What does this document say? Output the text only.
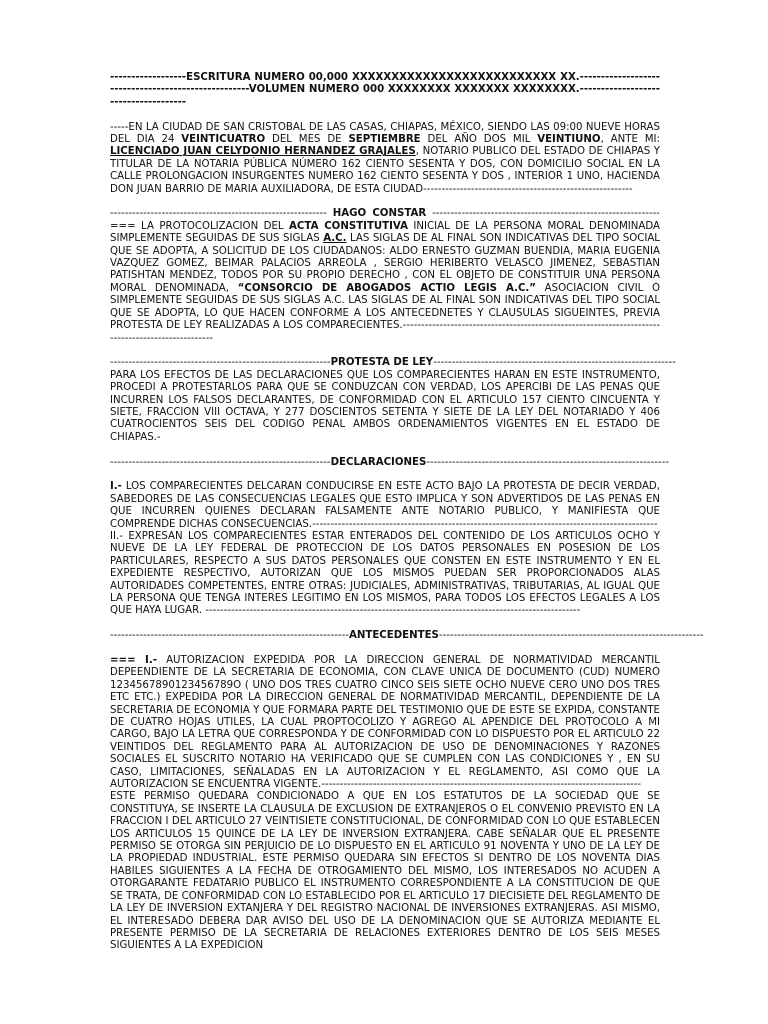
------------------ESCRITURA NUMERO 00,000 XXXXXXXXXXXXXXXXXXXXXXXXXX XX.----------------------------------------------------VOLUMEN NUMERO 000 XXXXXXXX XXXXXXX XXXXXXXX.-------------------------------------

-----EN LA CIUDAD DE SAN CRISTOBAL DE LAS CASAS, CHIAPAS, MÉXICO, SIENDO LAS 09:00 NUEVE HORAS DEL DIA 24 VEINTICUATRO DEL MES DE SEPTIEMBRE DEL AÑO DOS MIL VEINTIUNO, ANTE MI: LICENCIADO JUAN CELYDONIO HERNANDEZ GRAJALES, NOTARIO PUBLICO DEL ESTADO DE CHIAPAS Y TITULAR DE LA NOTARIA PÚBLICA NÚMERO 162 CIENTO SESENTA Y DOS, CON DOMICILIO SOCIAL EN LA CALLE PROLONGACION INSURGENTES NUMERO 162 CIENTO SESENTA Y DOS , INTERIOR 1 UNO, HACIENDA DON JUAN BARRIO DE MARIA AUXILIADORA, DE ESTA CIUDAD---------------------------------------------------------

----------------------------------------------------------- HAGO CONSTAR --------------------------------------------------------------=== LA PROTOCOLIZACION DEL ACTA CONSTITUTIVA INICIAL DE LA PERSONA MORAL DENOMINADA SIMPLEMENTE SEGUIDAS DE SUS SIGLAS A.C. LAS SIGLAS DE AL FINAL SON INDICATIVAS DEL TIPO SOCIAL QUE SE ADOPTA, A SOLICITUD DE LOS CIUDADANOS: ALDO ERNESTO GUZMAN BUENDIA, MARIA EUGENIA VAZQUEZ GOMEZ, BEIMAR PALACIOS ARREOLA , SERGIO HERIBERTO VELASCO JIMENEZ, SEBASTIAN PATISHTAN MENDEZ, TODOS POR SU PROPIO DERECHO , CON EL OBJETO DE CONSTITUIR UNA PERSONA MORAL DENOMINADA, “CONSORCIO DE ABOGADOS ACTIO LEGIS A.C.” ASOCIACION CIVIL O SIMPLEMENTE SEGUIDAS DE SUS SIGLAS A.C. LAS SIGLAS DE AL FINAL SON INDICATIVAS DEL TIPO SOCIAL QUE SE ADOPTA, LO QUE HACEN CONFORME A LOS ANTECEDNETES Y CLAUSULAS SIGUEINTES, PREVIA PROTESTA DE LEY REALIZADAS A LOS COMPARECIENTES.--------------------------------------------------------------------------------------------------

------------------------------------------------------------PROTESTA DE LEY------------------------------------------------------------------

PARA LOS EFECTOS DE LAS DECLARACIONES QUE LOS COMPARECIENTES HARAN EN ESTE INSTRUMENTO, PROCEDI A PROTESTARLOS PARA QUE SE CONDUZCAN CON VERDAD, LOS APERCIBI DE LAS PENAS QUE INCURREN LOS FALSOS DECLARANTES, DE CONFORMIDAD CON EL ARTICULO 157 CIENTO CINCUENTA Y SIETE, FRACCION VIII OCTAVA, Y 277 DOSCIENTOS SETENTA Y SIETE DE LA LEY DEL NOTARIADO Y 406 CUATROCIENTOS SEIS DEL CODIGO PENAL AMBOS ORDENAMIENTOS VIGENTES EN EL ESTADO DE CHIAPAS.-

------------------------------------------------------------DECLARACIONES------------------------------------------------------------------

I.- LOS COMPARECIENTES DELCARAN CONDUCIRSE EN ESTE ACTO BAJO LA PROTESTA DE DECIR VERDAD, SABEDORES DE LAS CONSECUENCIAS LEGALES QUE ESTO IMPLICA Y SON ADVERTIDOS DE LAS PENAS EN QUE INCURREN QUIENES DECLARAN FALSAMENTE ANTE NOTARIO PUBLICO, Y MANIFIESTA QUE COMPRENDE DICHAS CONSECUENCIAS.----------------------------------------------------------------------------------------------

II.- EXPRESAN LOS COMPARECIENTES ESTAR ENTERADOS DEL CONTENIDO DE LOS ARTICULOS OCHO Y NUEVE DE LA LEY FEDERAL DE PROTECCION DE LOS DATOS PERSONALES EN POSESION DE LOS PARTICULARES, RESPECTO A SUS DATOS PERSONALES QUE CONSTEN EN ESTE INSTRUMENTO Y EN EL EXPEDIENTE RESPECTIVO, AUTORIZAN QUE LOS MISMOS PUEDAN SER PROPORCIONADOS ALAS AUTORIDADES COMPETENTES, ENTRE OTRAS: JUDICIALES, ADMINISTRATIVAS, TRIBUTARIAS, AL IGUAL QUE LA PERSONA QUE TENGA INTERES LEGITIMO EN LOS MISMOS, PARA TODOS LOS EFECTOS LEGALES A LOS QUE HAYA LUGAR. ------------------------------------------------------------------------------------------------------

-----------------------------------------------------------------ANTECEDENTES------------------------------------------------------------------------

=== I.- AUTORIZACION EXPEDIDA POR LA DIRECCION GENERAL DE NORMATIVIDAD MERCANTIL DEPEENDIENTE DE LA SECRETARIA DE ECONOMIA, CON CLAVE UNICA DE DOCUMENTO (CUD) NUMERO 1234567890123456789O ( UNO DOS TRES CUATRO CINCO SEIS SIETE OCHO NUEVE CERO UNO DOS TRES ETC ETC.) EXPEDIDA POR LA DIRECCION GENERAL DE NORMATIVIDAD MERCANTIL, DEPENDIENTE DE LA SECRETARIA DE ECONOMIA Y QUE FORMARA PARTE DEL TESTIMONIO QUE DE ESTE SE EXPIDA, CONSTANTE DE CUATRO HOJAS UTILES, LA CUAL PROPTOCOLIZO Y AGREGO AL APENDICE DEL PROTOCOLO A MI CARGO, BAJO LA LETRA QUE CORRESPONDA Y DE CONFORMIDAD CON LO DISPUESTO POR EL ARTICULO 22 VEINTIDOS DEL REGLAMENTO PARA AL AUTORIZACION DE USO DE DENOMINACIONES Y RAZONES SOCIALES EL SUSCRITO NOTARIO HA VERIFICADO QUE SE CUMPLEN CON LAS CONDICIONES Y , EN SU CASO, LIMITACIONES, SEÑALADAS EN LA AUTORIZACION Y EL REGLAMENTO, ASI COMO QUE LA AUTORIZACION SE ENCUENTRA VIGENTE.---------------------------------------------------------------------------------------

ESTE PERMISO QUEDARA CONDICIONADO A QUE EN LOS ESTATUTOS DE LA SOCIEDAD QUE SE CONSTITUYA, SE INSERTE LA CLAUSULA DE EXCLUSION DE EXTRANJEROS O EL CONVENIO PREVISTO EN LA FRACCION I DEL ARTICULO 27 VEINTISIETE CONSTITUCIONAL, DE CONFORMIDAD CON LO QUE ESTABLECEN LOS ARTICULOS 15 QUINCE DE LA LEY DE INVERSION EXTRANJERA. CABE SEÑALAR QUE EL PRESENTE PERMISO SE OTORGA SIN PERJUICIO DE LO DISPUESTO EN EL ARTICULO 91 NOVENTA Y UNO DE LA LEY DE LA PROPIEDAD INDUSTRIAL. ESTE PERMISO QUEDARA SIN EFECTOS SI DENTRO DE LOS NOVENTA DIAS HABILES SIGUIENTES A LA FECHA DE OTROGAMIENTO DEL MISMO, LOS INTERESADOS NO ACUDEN A OTORGARANTE FEDATARIO PUBLICO EL INSTRUMENTO CORRESPONDIENTE A LA CONSTITUCION DE QUE SE TRATA, DE CONFORMIDAD CON LO ESTABLECIDO POR EL ARTICULO 17 DIECISIETE DEL REGLAMENTO DE LA LEY DE INVERSION EXTANJERA Y DEL REGISTRO NACIONAL DE INVERSIONES EXTRANJERAS. ASI MISMO, EL INTERESADO DEBERA DAR AVISO DEL USO DE LA DENOMINACION QUE SE AUTORIZA MEDIANTE EL PRESENTE PERMISO DE LA SECRETARIA DE RELACIONES EXTERIORES DENTRO DE LOS SEIS MESES SIGUIENTES A LA EXPEDICION
